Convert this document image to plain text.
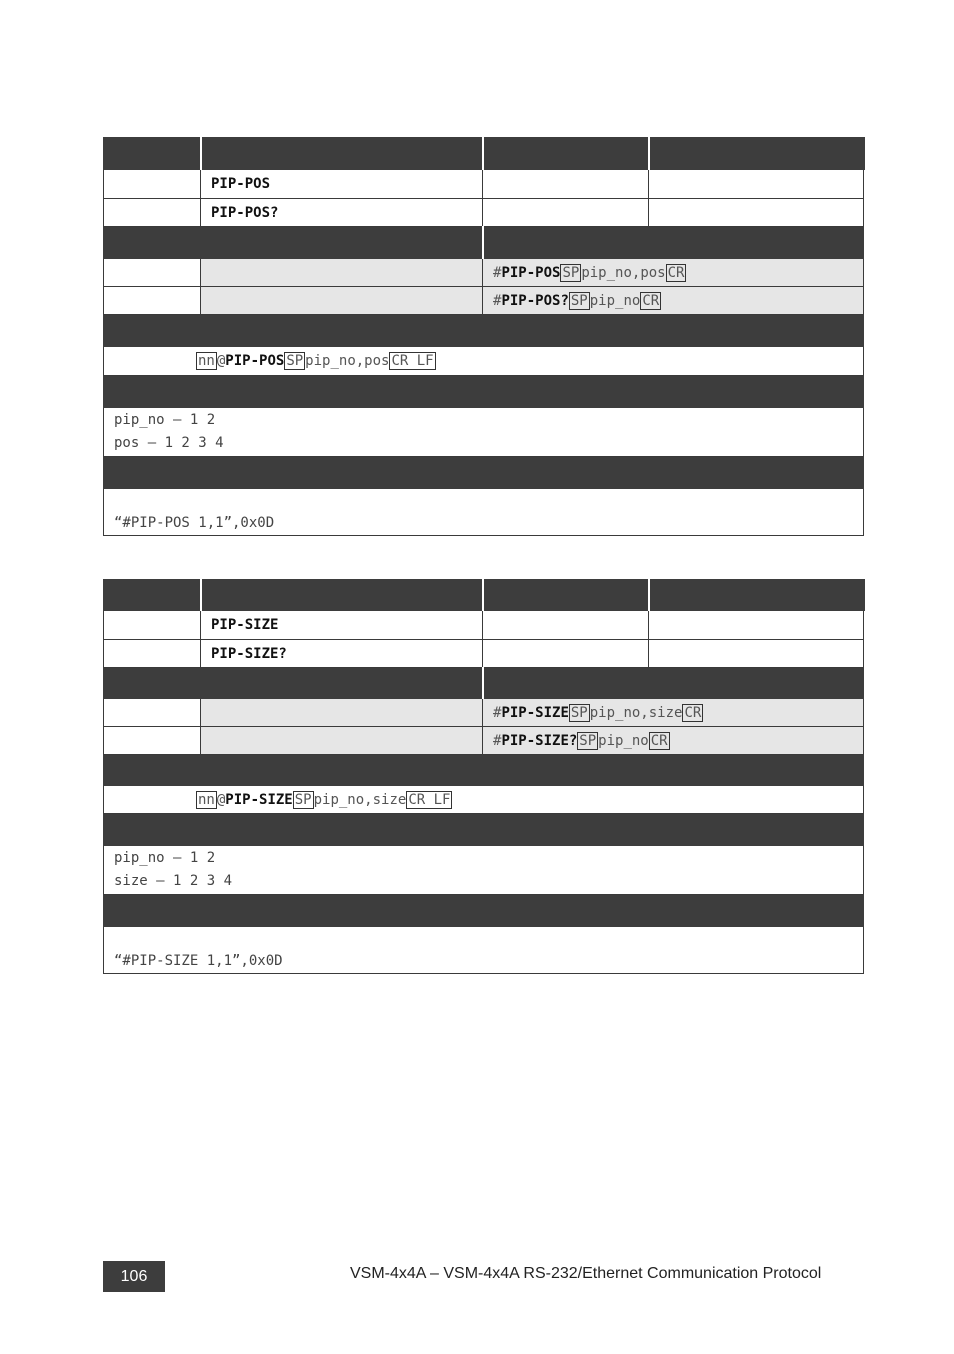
	PIP-POS		
	PIP-POS?		

		#PIP-POS SP pip_no,pos CR	
		#PIP-POS? SP pip_no CR	

nn @PIP-POS SP pip_no,pos CR LF			

pip_no – 1 2
pos – 1 2 3 4			

“#PIP-POS 1,1”,0x0D			

	PIP-SIZE		
	PIP-SIZE?		

		#PIP-SIZE SP pip_no,size CR	
		#PIP-SIZE? SP pip_no CR	

nn @PIP-SIZE SP pip_no,size CR LF			

pip_no – 1 2
size – 1 2 3 4			

“#PIP-SIZE 1,1”,0x0D			
106	VSM-4x4A – VSM-4x4A RS-232/Ethernet Communication Protocol
